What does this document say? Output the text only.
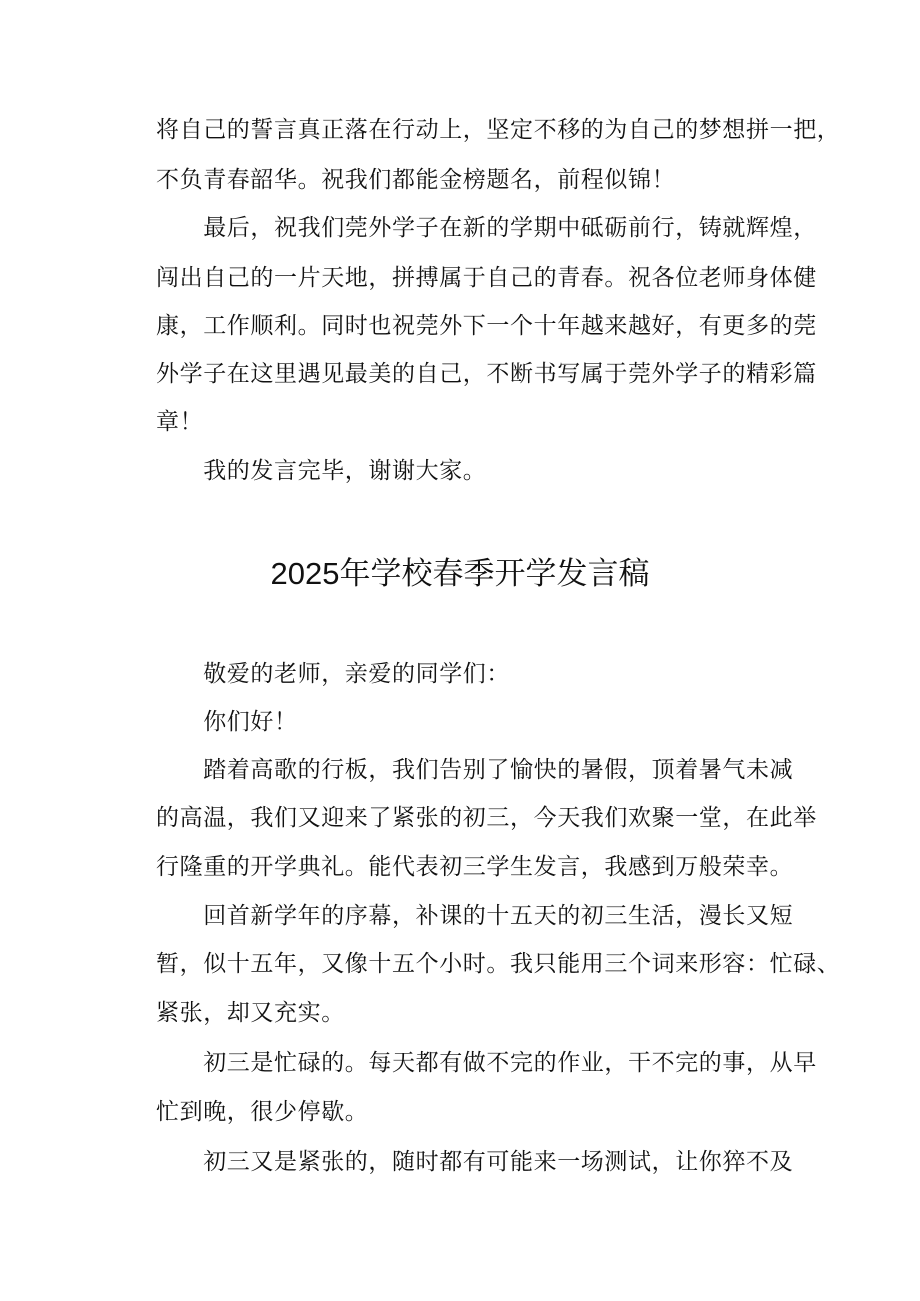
将自己的誓言真正落在行动上，坚定不移的为自己的梦想拼一把，
不负青春韶华。祝我们都能金榜题名，前程似锦！
　　最后，祝我们莞外学子在新的学期中砥砺前行，铸就辉煌，
闯出自己的一片天地，拼搏属于自己的青春。祝各位老师身体健
康，工作顺利。同时也祝莞外下一个十年越来越好，有更多的莞
外学子在这里遇见最美的自己，不断书写属于莞外学子的精彩篇
章！
　　我的发言完毕，谢谢大家。
2025年学校春季开学发言稿
　　敬爱的老师，亲爱的同学们：
　　你们好！
　　踏着高歌的行板，我们告别了愉快的暑假，顶着暑气未减
的高温，我们又迎来了紧张的初三，今天我们欢聚一堂，在此举
行隆重的开学典礼。能代表初三学生发言，我感到万般荣幸。
　　回首新学年的序幕，补课的十五天的初三生活，漫长又短
暂，似十五年，又像十五个小时。我只能用三个词来形容：忙碌、
紧张，却又充实。
　　初三是忙碌的。每天都有做不完的作业，干不完的事，从早
忙到晚，很少停歇。
　　初三又是紧张的，随时都有可能来一场测试，让你猝不及
